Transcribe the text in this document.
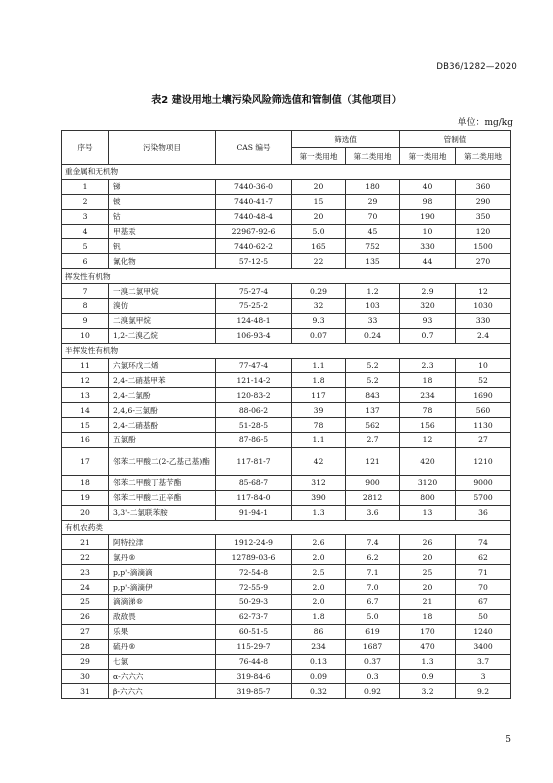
DB36/1282—2020
表2 建设用地土壤污染风险筛选值和管制值（其他项目）
单位：mg/kg
序号	污染物项目	CAS 编号	筛选值		管制值	
			第一类用地	第二类用地	第一类用地	第二类用地
重金属和无机物						
1	锑	7440-36-0	20	180	40	360
2	铍	7440-41-7	15	29	98	290
3	钴	7440-48-4	20	70	190	350
4	甲基汞	22967-92-6	5.0	45	10	120
5	钒	7440-62-2	165	752	330	1500
6	氰化物	57-12-5	22	135	44	270
挥发性有机物						
7	一溴二氯甲烷	75-27-4	0.29	1.2	2.9	12
8	溴仿	75-25-2	32	103	320	1030
9	二溴氯甲烷	124-48-1	9.3	33	93	330
10	1,2-二溴乙烷	106-93-4	0.07	0.24	0.7	2.4
半挥发性有机物						
11	六氯环戊二烯	77-47-4	1.1	5.2	2.3	10
12	2,4-二硝基甲苯	121-14-2	1.8	5.2	18	52
13	2,4-二氯酚	120-83-2	117	843	234	1690
14	2,4,6-三氯酚	88-06-2	39	137	78	560
15	2,4-二硝基酚	51-28-5	78	562	156	1130
16	五氯酚	87-86-5	1.1	2.7	12	27
17	邻苯二甲酸二(2-乙基己基)酯	117-81-7	42	121	420	1210
18	邻苯二甲酸丁基苄酯	85-68-7	312	900	3120	9000
19	邻苯二甲酸二正辛酯	117-84-0	390	2812	800	5700
20	3,3'-二氯联苯胺	91-94-1	1.3	3.6	13	36
有机农药类						
21	阿特拉津	1912-24-9	2.6	7.4	26	74
22	氯丹®	12789-03-6	2.0	6.2	20	62
23	p,p'-滴滴滴	72-54-8	2.5	7.1	25	71
24	p,p'-滴滴伊	72-55-9	2.0	7.0	20	70
25	滴滴涕®	50-29-3	2.0	6.7	21	67
26	敌敌畏	62-73-7	1.8	5.0	18	50
27	乐果	60-51-5	86	619	170	1240
28	硫丹®	115-29-7	234	1687	470	3400
29	七氯	76-44-8	0.13	0.37	1.3	3.7
30	α-六六六	319-84-6	0.09	0.3	0.9	3
31	β-六六六	319-85-7	0.32	0.92	3.2	9.2
5
